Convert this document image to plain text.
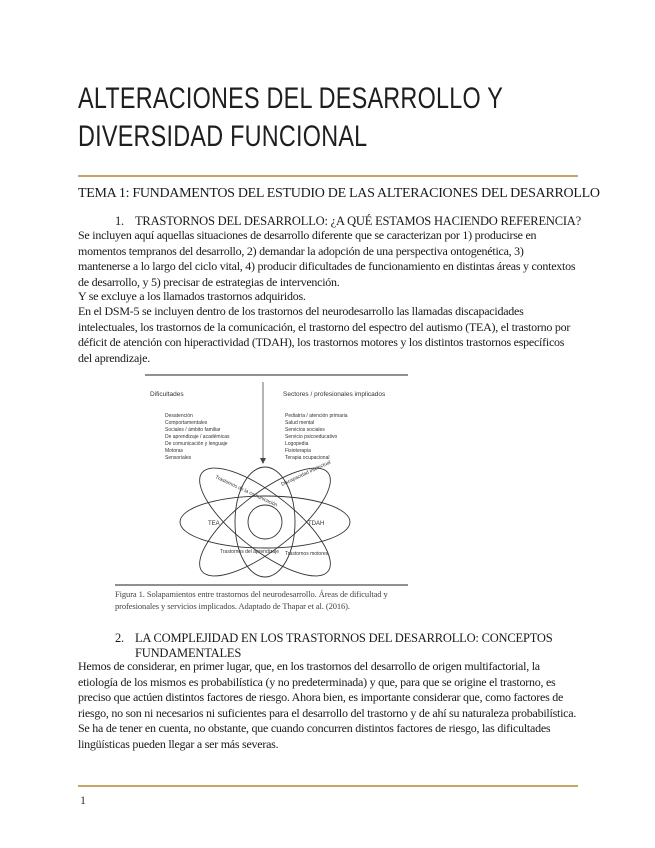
ALTERACIONES DEL DESARROLLO Y
DIVERSIDAD FUNCIONAL
TEMA 1: FUNDAMENTOS DEL ESTUDIO DE LAS ALTERACIONES DEL DESARROLLO
1. TRASTORNOS DEL DESARROLLO: ¿A QUÉ ESTAMOS HACIENDO REFERENCIA?
Se incluyen aquí aquellas situaciones de desarrollo diferente que se caracterizan por 1) producirse en momentos tempranos del desarrollo, 2) demandar la adopción de una perspectiva ontogenética, 3) mantenerse a lo largo del ciclo vital, 4) producir dificultades de funcionamiento en distintas áreas y contextos de desarrollo, y 5) precisar de estrategias de intervención.
Y se excluye a los llamados trastornos adquiridos.
En el DSM-5 se incluyen dentro de los trastornos del neurodesarrollo las llamadas discapacidades intelectuales, los trastornos de la comunicación, el trastorno del espectro del autismo (TEA), el trastorno por déficit de atención con hiperactividad (TDAH), los trastornos motores y los distintos trastornos específicos del aprendizaje.
Dificultades	Sectores / profesionales implicados
Desatención
Comportamentales
Sociales / ámbito familiar
De aprendizaje / académicas
De comunicación y lenguaje
Motoras
Sensoriales
Pediatría / atención primaria
Salud mental
Servicios sociales
Servicio psicoeducativo
Logopedia
Fisioterapia
Terapia ocupacional
Discapacidad intelectual
Trastornos de la comunicación
TEA	TDAH
Trastornos del aprendizaje Trastornos motores
Figura 1. Solapamientos entre trastornos del neurodesarrollo. Áreas de dificultad y profesionales y servicios implicados. Adaptado de Thapar et al. (2016).
2. LA COMPLEJIDAD EN LOS TRASTORNOS DEL DESARROLLO: CONCEPTOS
FUNDAMENTALES
Hemos de considerar, en primer lugar, que, en los trastornos del desarrollo de origen multifactorial, la etiología de los mismos es probabilística (y no predeterminada) y que, para que se origine el trastorno, es preciso que actúen distintos factores de riesgo. Ahora bien, es importante considerar que, como factores de riesgo, no son ni necesarios ni suficientes para el desarrollo del trastorno y de ahí su naturaleza probabilística. Se ha de tener en cuenta, no obstante, que cuando concurren distintos factores de riesgo, las dificultades lingüísticas pueden llegar a ser más severas.
1
